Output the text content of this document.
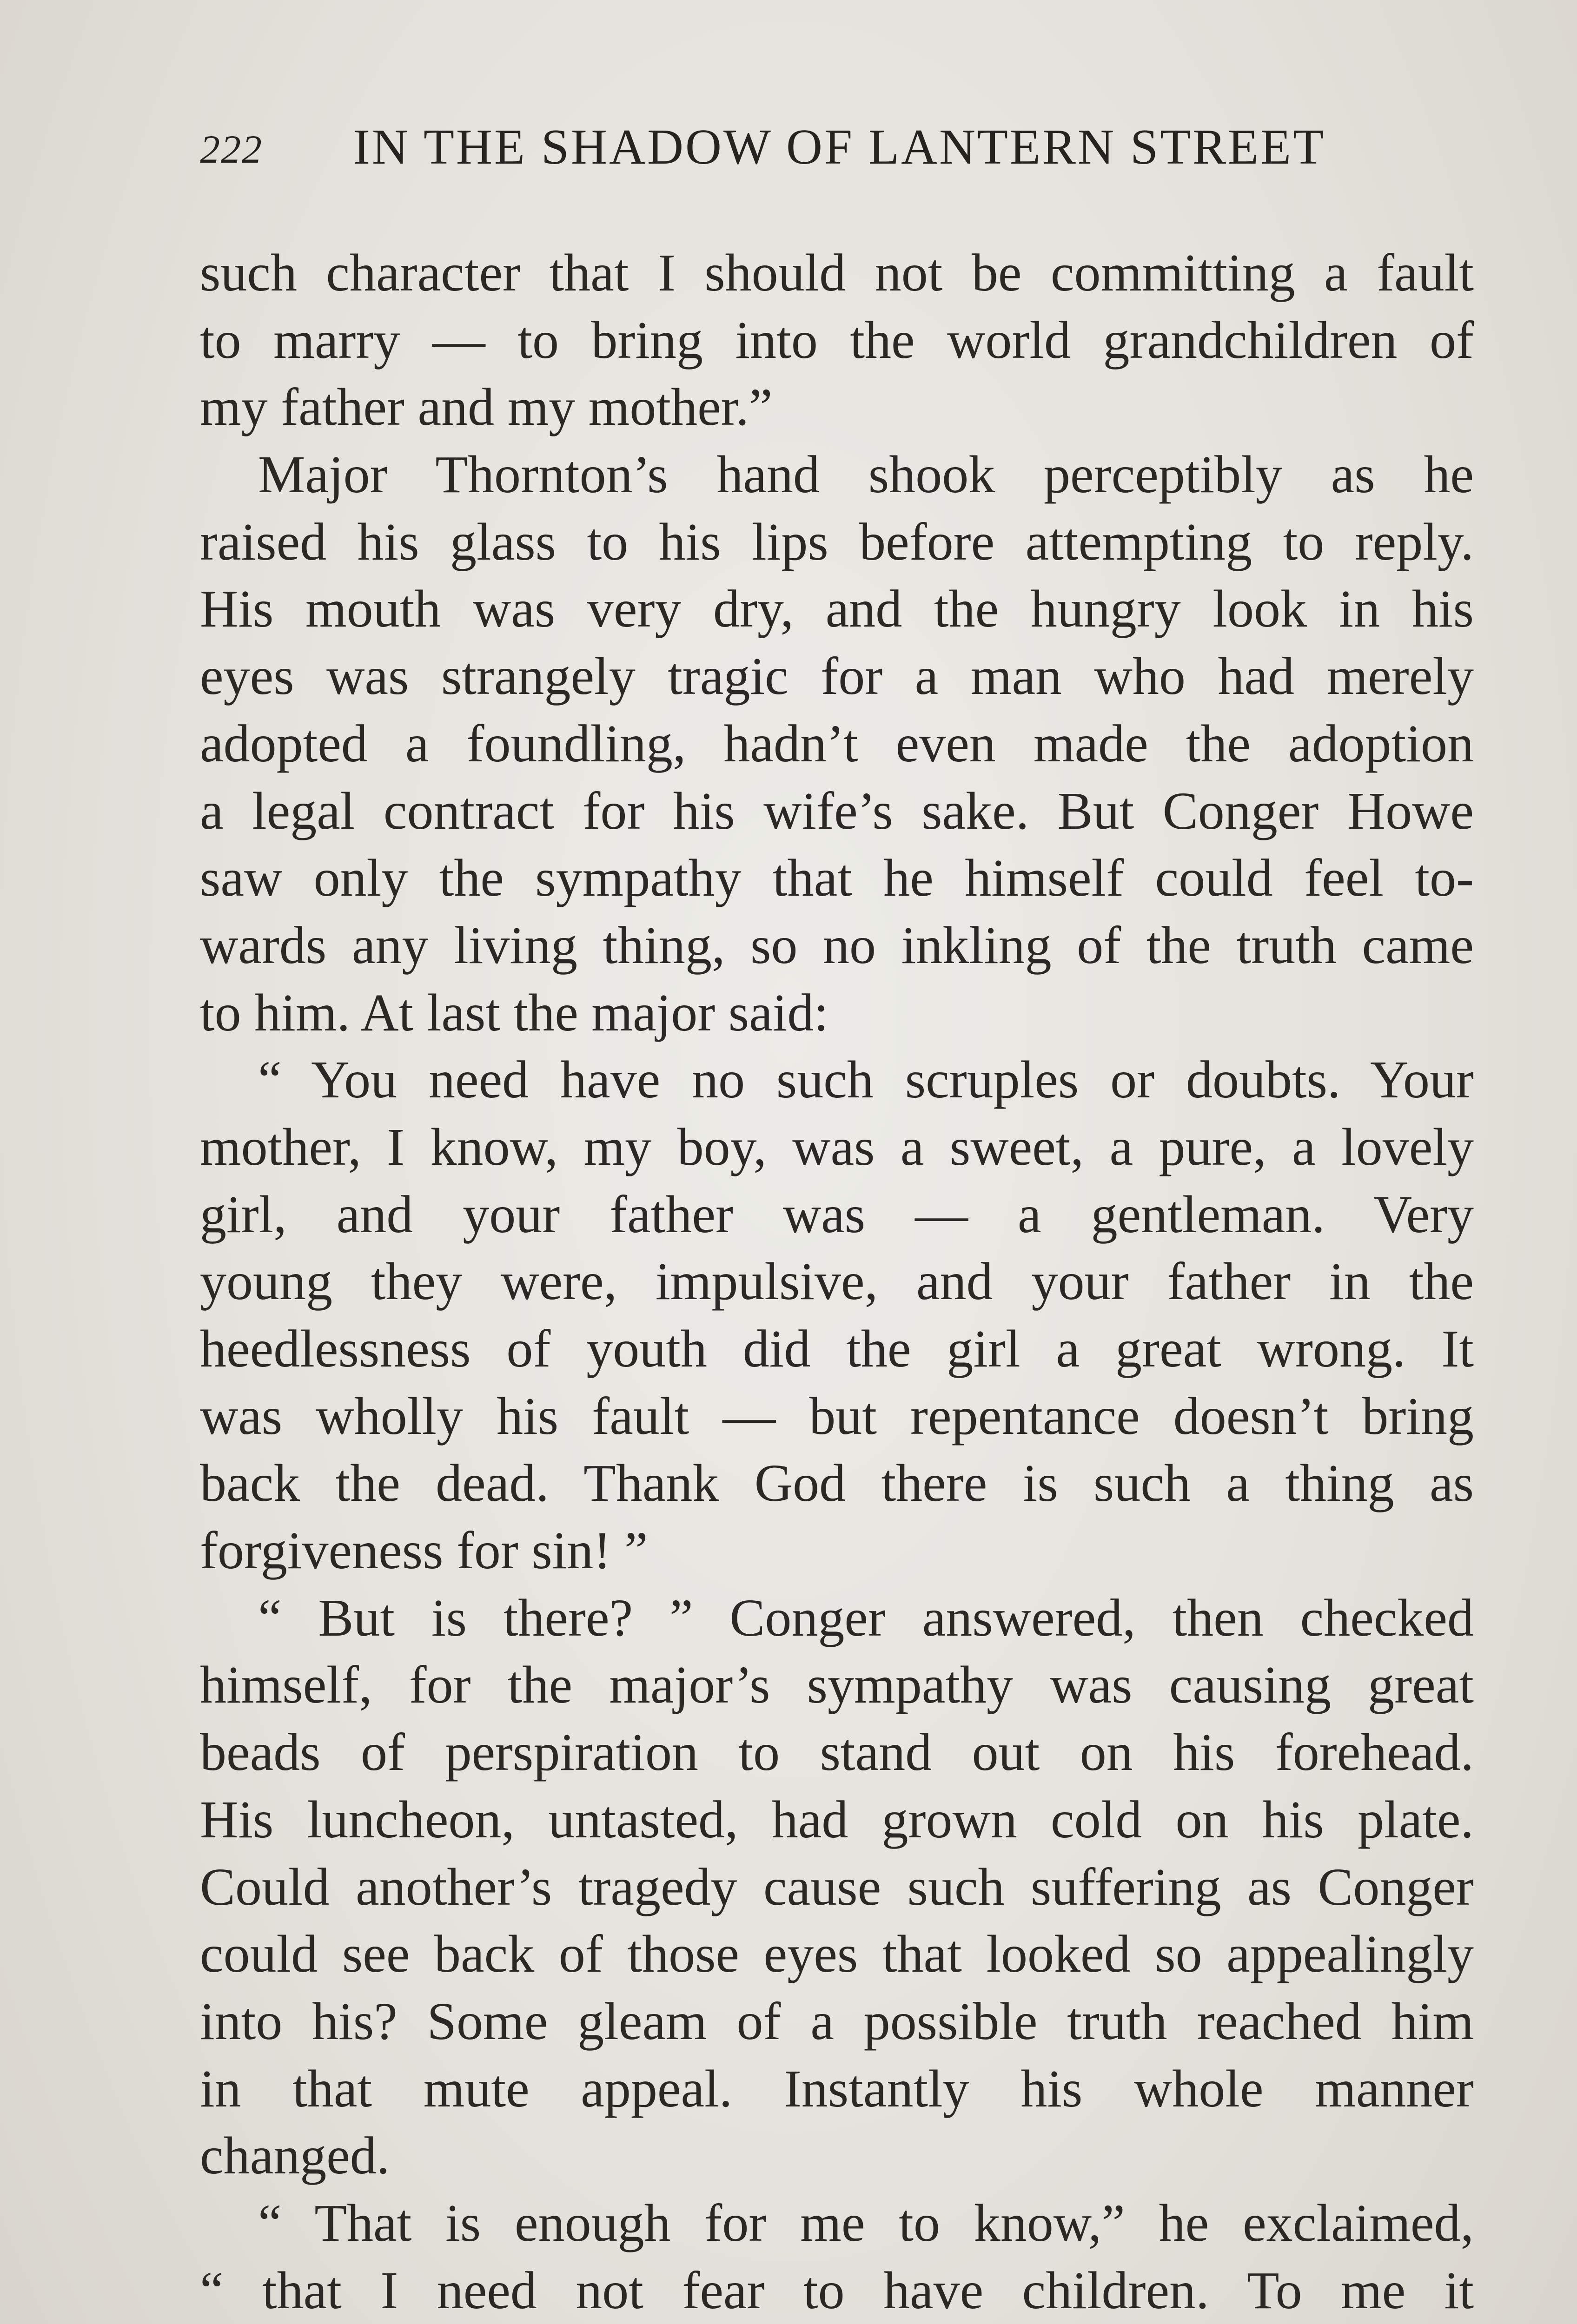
222 IN THE SHADOW OF LANTERN STREET
such character that I should not be committing a fault
to marry — to bring into the world grandchildren of
my father and my mother.”
Major Thornton’s hand shook perceptibly as he
raised his glass to his lips before attempting to reply.
His mouth was very dry, and the hungry look in his
eyes was strangely tragic for a man who had merely
adopted a foundling, hadn’t even made the adoption
a legal contract for his wife’s sake. But Conger Howe
saw only the sympathy that he himself could feel to-
wards any living thing, so no inkling of the truth came
to him. At last the major said:
“ You need have no such scruples or doubts. Your
mother, I know, my boy, was a sweet, a pure, a lovely
girl, and your father was — a gentleman. Very
young they were, impulsive, and your father in the
heedlessness of youth did the girl a great wrong. It
was wholly his fault — but repentance doesn’t bring
back the dead. Thank God there is such a thing as
forgiveness for sin! ”
“ But is there? ” Conger answered, then checked
himself, for the major’s sympathy was causing great
beads of perspiration to stand out on his forehead.
His luncheon, untasted, had grown cold on his plate.
Could another’s tragedy cause such suffering as Conger
could see back of those eyes that looked so appealingly
into his? Some gleam of a possible truth reached him
in that mute appeal. Instantly his whole manner
changed.
“ That is enough for me to know,” he exclaimed,
“ that I need not fear to have children. To me it
